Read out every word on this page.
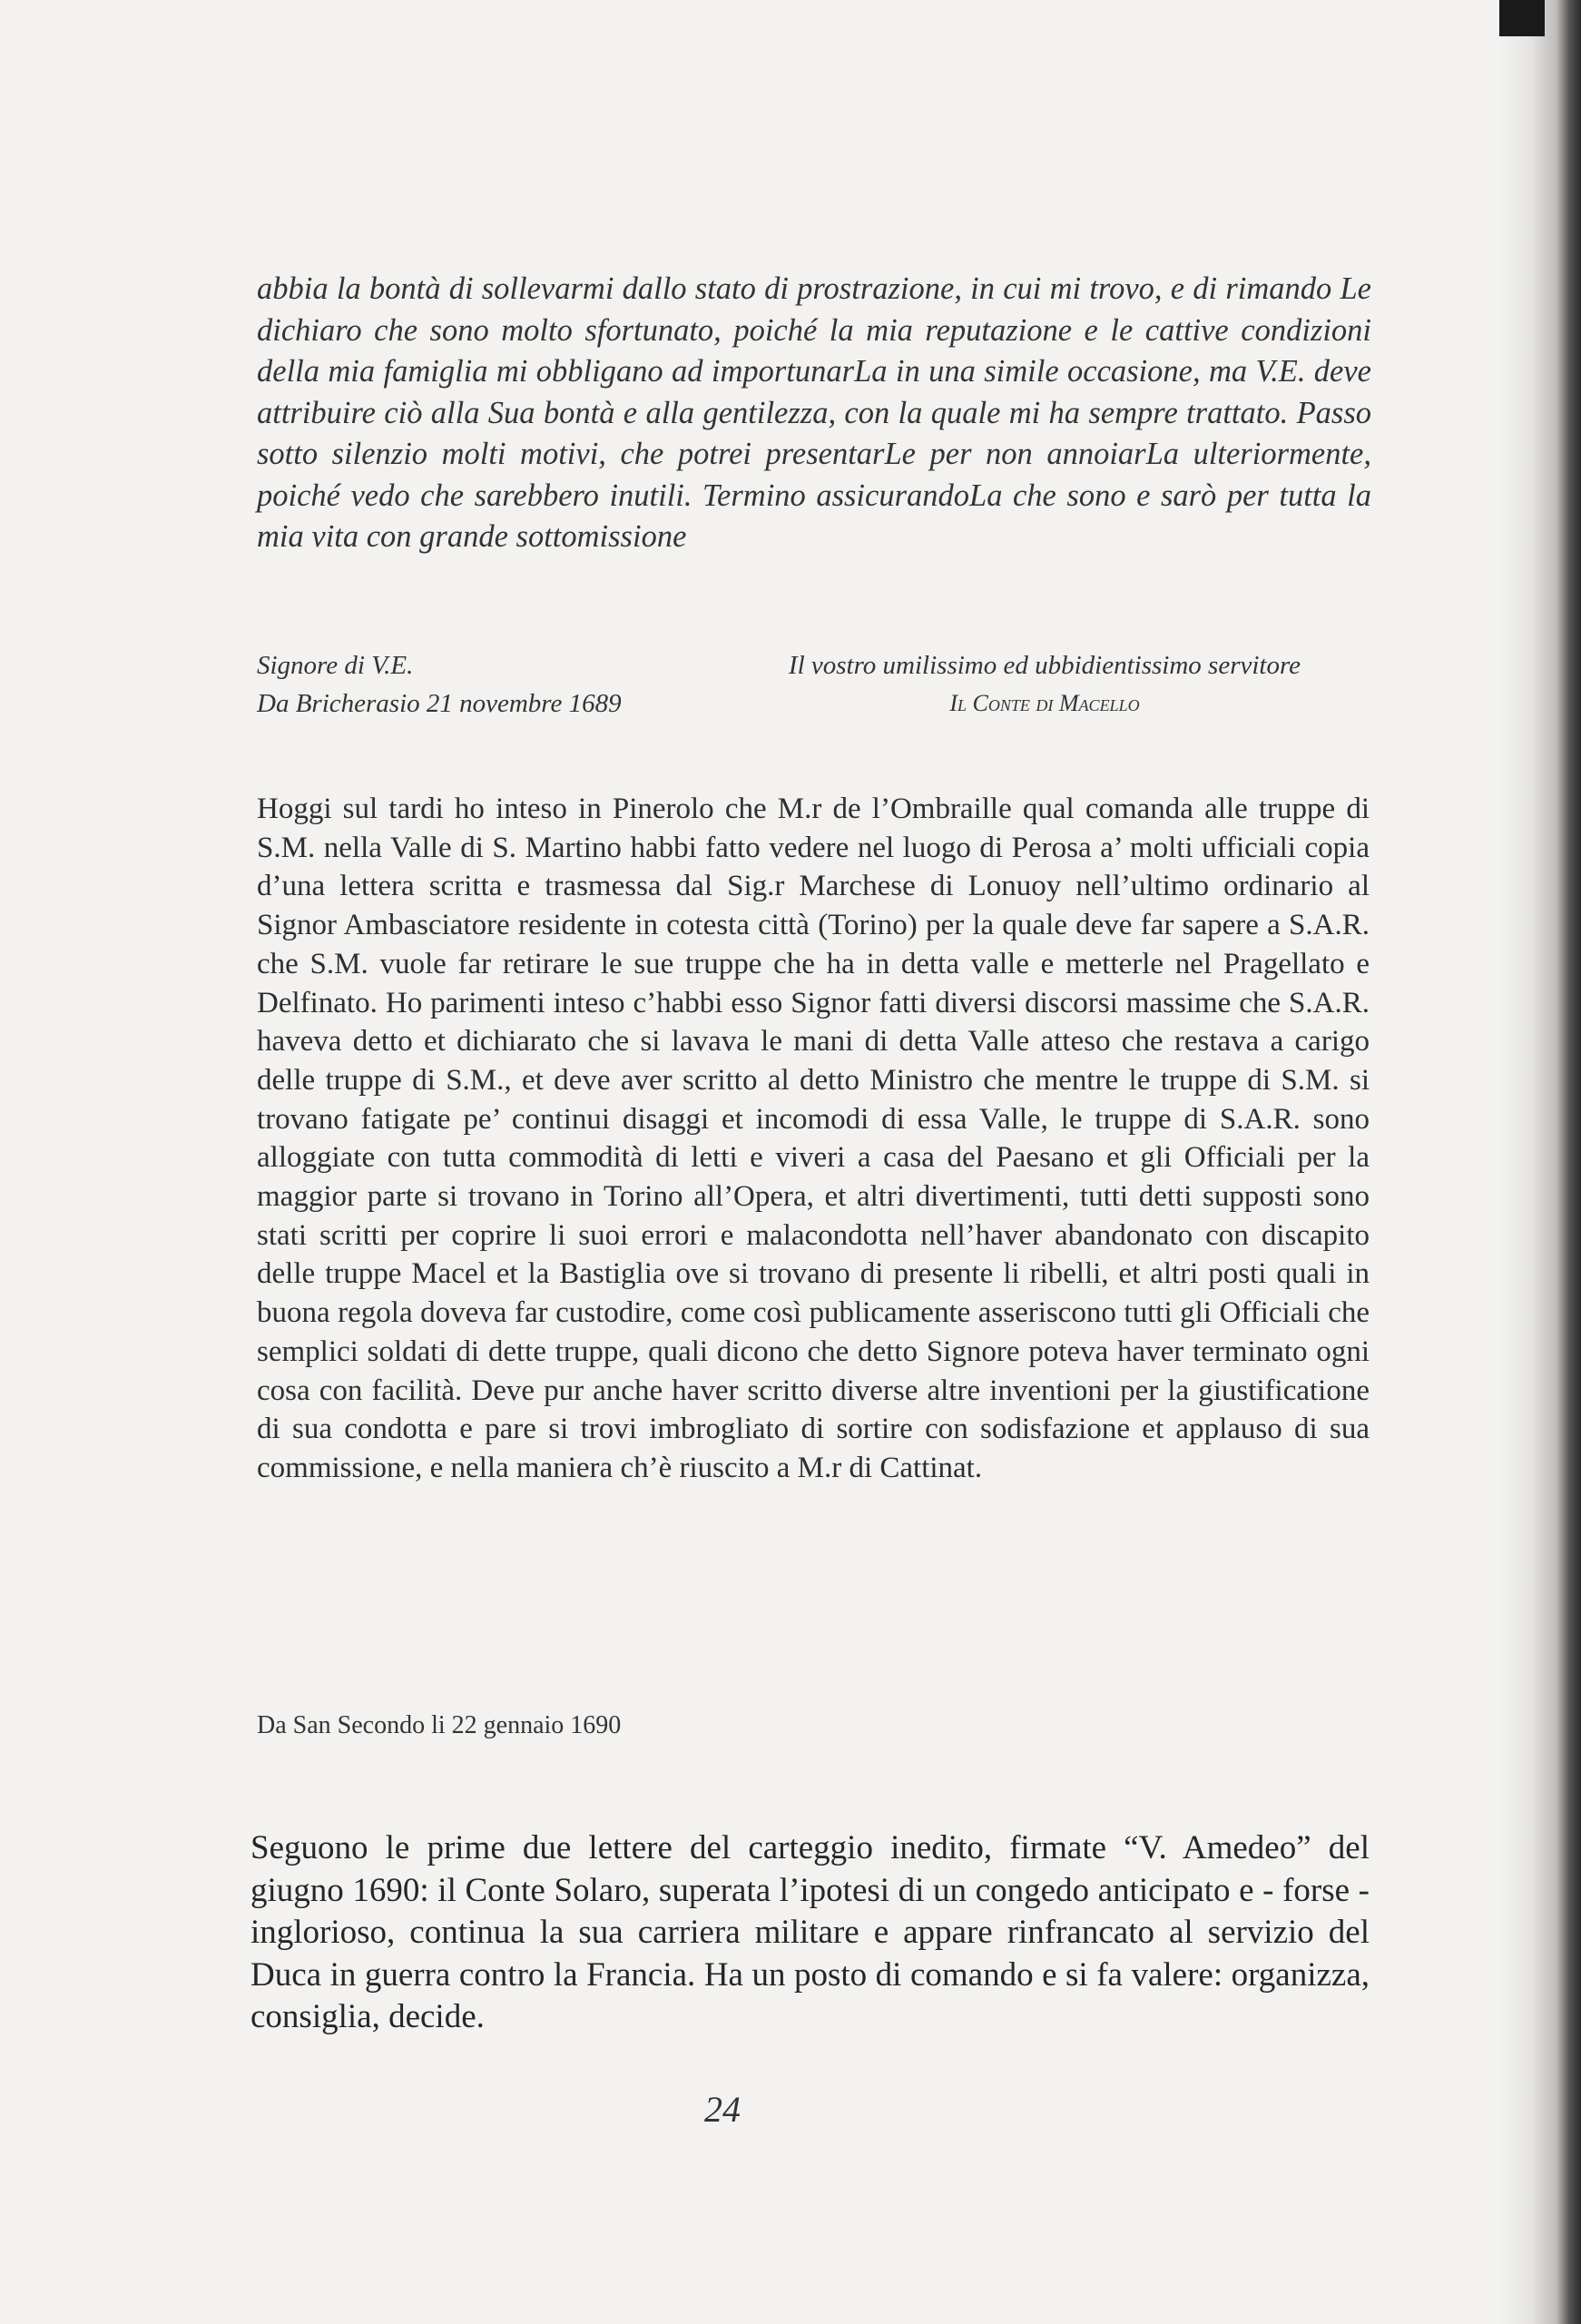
abbia la bontà di sollevarmi dallo stato di prostrazione, in cui mi trovo, e di rimando Le dichiaro che sono molto sfortunato, poiché la mia reputazione e le cattive condizioni della mia famiglia mi obbligano ad importunarLa in una simile occasione, ma V.E. deve attribuire ciò alla Sua bontà e alla gentilezza, con la quale mi ha sempre trattato. Passo sotto silenzio molti motivi, che potrei presentarLe per non annoiarLa ulteriormente, poiché vedo che sarebbero inutili. Termino assicurandoLa che sono e sarò per tutta la mia vita con grande sottomissione

Signore di V.E.	Il vostro umilissimo ed ubbidientissimo servitore
Da Bricherasio 21 novembre 1689	Il Conte di Macello

Hoggi sul tardi ho inteso in Pinerolo che M.r de l’Ombraille qual comanda alle truppe di S.M. nella Valle di S. Martino habbi fatto vedere nel luogo di Perosa a’ molti ufficiali copia d’una lettera scritta e trasmessa dal Sig.r Marchese di Lonuoy nell’ultimo ordinario al Signor Ambasciatore residente in cotesta città (Torino) per la quale deve far sapere a S.A.R. che S.M. vuole far retirare le sue truppe che ha in detta valle e metterle nel Pragellato e Delfinato. Ho parimenti inteso c’habbi esso Signor fatti diversi discorsi massime che S.A.R. haveva detto et dichiarato che si lavava le mani di detta Valle atteso che restava a carigo delle truppe di S.M., et deve aver scritto al detto Ministro che mentre le truppe di S.M. si trovano fatigate pe’ continui disaggi et incomodi di essa Valle, le truppe di S.A.R. sono alloggiate con tutta commodità di letti e viveri a casa del Paesano et gli Officiali per la maggior parte si trovano in Torino all’Opera, et altri divertimenti, tutti detti supposti sono stati scritti per coprire li suoi errori e malacondotta nell’haver abandonato con discapito delle truppe Macel et la Bastiglia ove si trovano di presente li ribelli, et altri posti quali in buona regola doveva far custodire, come così publicamente asseriscono tutti gli Officiali che semplici soldati di dette truppe, quali dicono che detto Signore poteva haver terminato ogni cosa con facilità. Deve pur anche haver scritto diverse altre inventioni per la giustificatione di sua condotta e pare si trovi imbrogliato di sortire con sodisfazione et applauso di sua commissione, e nella maniera ch’è riuscito a M.r di Cattinat.

Da San Secondo li 22 gennaio 1690

Seguono le prime due lettere del carteggio inedito, firmate “V. Amedeo” del giugno 1690: il Conte Solaro, superata l’ipotesi di un congedo anticipato e - forse - inglorioso, continua la sua carriera militare e appare rinfrancato al servizio del Duca in guerra contro la Francia. Ha un posto di comando e si fa valere: organizza, consiglia, decide.

24
